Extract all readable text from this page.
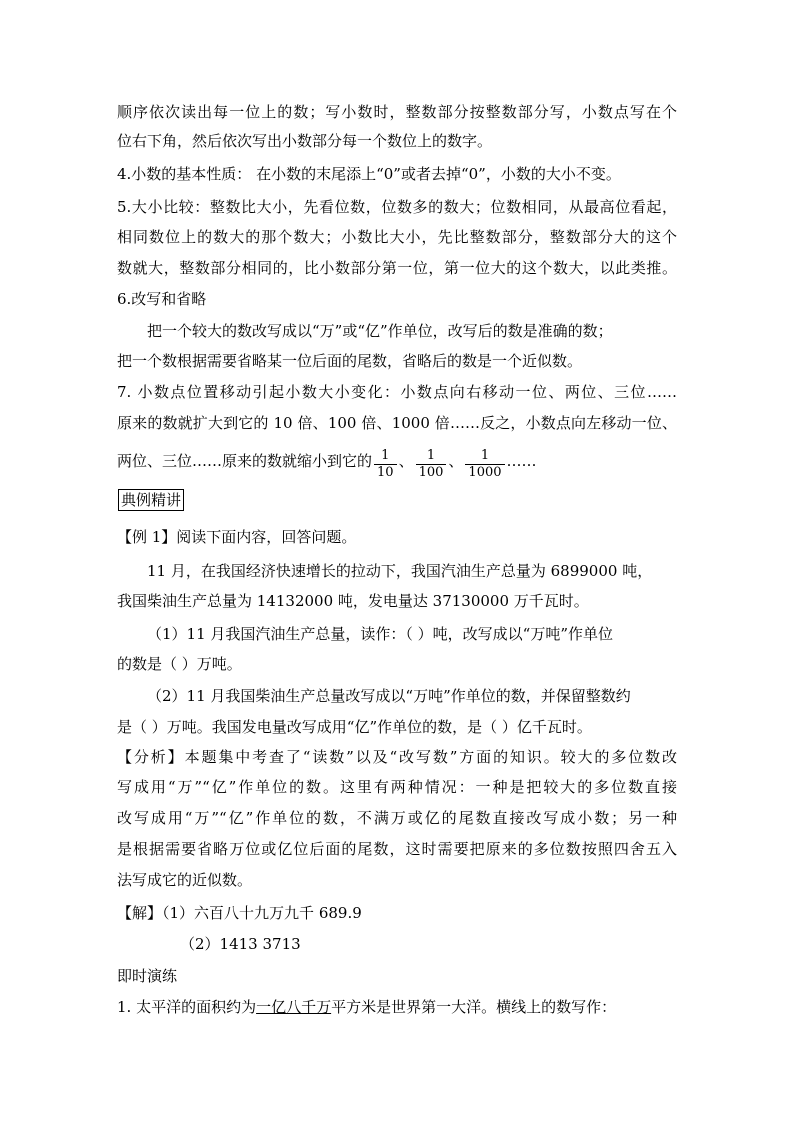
顺序依次读出每一位上的数；写小数时，整数部分按整数部分写，小数点写在个
位右下角，然后依次写出小数部分每一个数位上的数字。
4.小数的基本性质： 在小数的末尾添上“0”或者去掉“0”，小数的大小不变。
5.大小比较：整数比大小，先看位数，位数多的数大；位数相同，从最高位看起，
相同数位上的数大的那个数大；小数比大小，先比整数部分，整数部分大的这个
数就大，整数部分相同的，比小数部分第一位，第一位大的这个数大，以此类推。
6.改写和省略
把一个较大的数改写成以“万”或“亿”作单位，改写后的数是准确的数；
把一个数根据需要省略某一位后面的尾数，省略后的数是一个近似数。
7. 小数点位置移动引起小数大小变化：小数点向右移动一位、两位、三位……
原来的数就扩大到它的 10 倍、100 倍、1000 倍……反之，小数点向左移动一位、
两位、三位……原来的数就缩小到它的 $\frac{1}{10}$ 、 $\frac{1}{100}$ 、 $\frac{1}{1000}$ ……
典例精讲
【例 1】阅读下面内容，回答问题。
11 月，在我国经济快速增长的拉动下，我国汽油生产总量为 6899000 吨，
我国柴油生产总量为 14132000 吨，发电量达 37130000 万千瓦时。
（1）11 月我国汽油生产总量，读作：（ ）吨，改写成以“万吨”作单位
的数是（ ）万吨。
（2）11 月我国柴油生产总量改写成以“万吨”作单位的数，并保留整数约
是（ ）万吨。我国发电量改写成用“亿”作单位的数，是（ ）亿千瓦时。
【分析】本题集中考查了“读数”以及“改写数”方面的知识。较大的多位数改
写成用“万”“亿”作单位的数。这里有两种情况：一种是把较大的多位数直接
改写成用“万”“亿”作单位的数，不满万或亿的尾数直接改写成小数；另一种
是根据需要省略万位或亿位后面的尾数，这时需要把原来的多位数按照四舍五入
法写成它的近似数。
【解】（1）六百八十九万九千 689.9
（2）1413 3713
即时演练
1. 太平洋的面积约为一亿八千万平方米是世界第一大洋。横线上的数写作：
